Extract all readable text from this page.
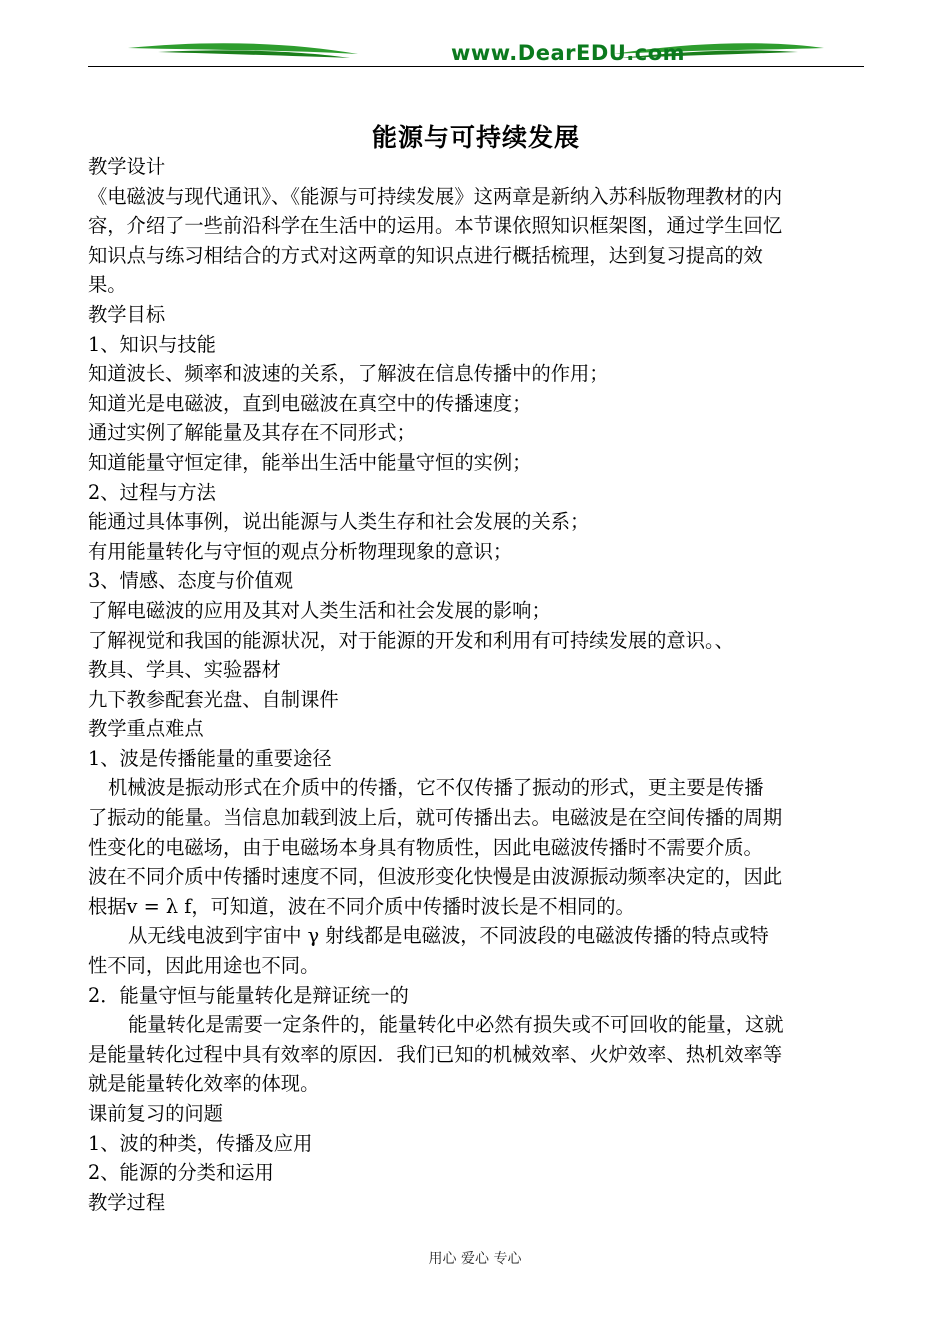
www.DearEDU.com
能源与可持续发展
教学设计
《电磁波与现代通讯》、《能源与可持续发展》这两章是新纳入苏科版物理教材的内
容，介绍了一些前沿科学在生活中的运用。本节课依照知识框架图，通过学生回忆
知识点与练习相结合的方式对这两章的知识点进行概括梳理，达到复习提高的效
果。
教学目标
1、知识与技能
知道波长、频率和波速的关系，了解波在信息传播中的作用；
知道光是电磁波，直到电磁波在真空中的传播速度；
通过实例了解能量及其存在不同形式；
知道能量守恒定律，能举出生活中能量守恒的实例；
2、过程与方法
能通过具体事例，说出能源与人类生存和社会发展的关系；
有用能量转化与守恒的观点分析物理现象的意识；
3、情感、态度与价值观
了解电磁波的应用及其对人类生活和社会发展的影响；
了解视觉和我国的能源状况，对于能源的开发和利用有可持续发展的意识。、
教具、学具、实验器材
九下教参配套光盘、自制课件
教学重点难点
1、波是传播能量的重要途径
机械波是振动形式在介质中的传播，它不仅传播了振动的形式，更主要是传播
了振动的能量。当信息加载到波上后，就可传播出去。电磁波是在空间传播的周期
性变化的电磁场，由于电磁场本身具有物质性，因此电磁波传播时不需要介质。
波在不同介质中传播时速度不同，但波形变化快慢是由波源振动频率决定的，因此
根据v = λ f，可知道，波在不同介质中传播时波长是不相同的。
从无线电波到宇宙中 γ 射线都是电磁波，不同波段的电磁波传播的特点或特
性不同，因此用途也不同。
2．能量守恒与能量转化是辩证统一的
能量转化是需要一定条件的，能量转化中必然有损失或不可回收的能量，这就
是能量转化过程中具有效率的原因．我们已知的机械效率、火炉效率、热机效率等
就是能量转化效率的体现。
课前复习的问题
1、波的种类，传播及应用
2、能源的分类和运用
教学过程
用心 爱心 专心
